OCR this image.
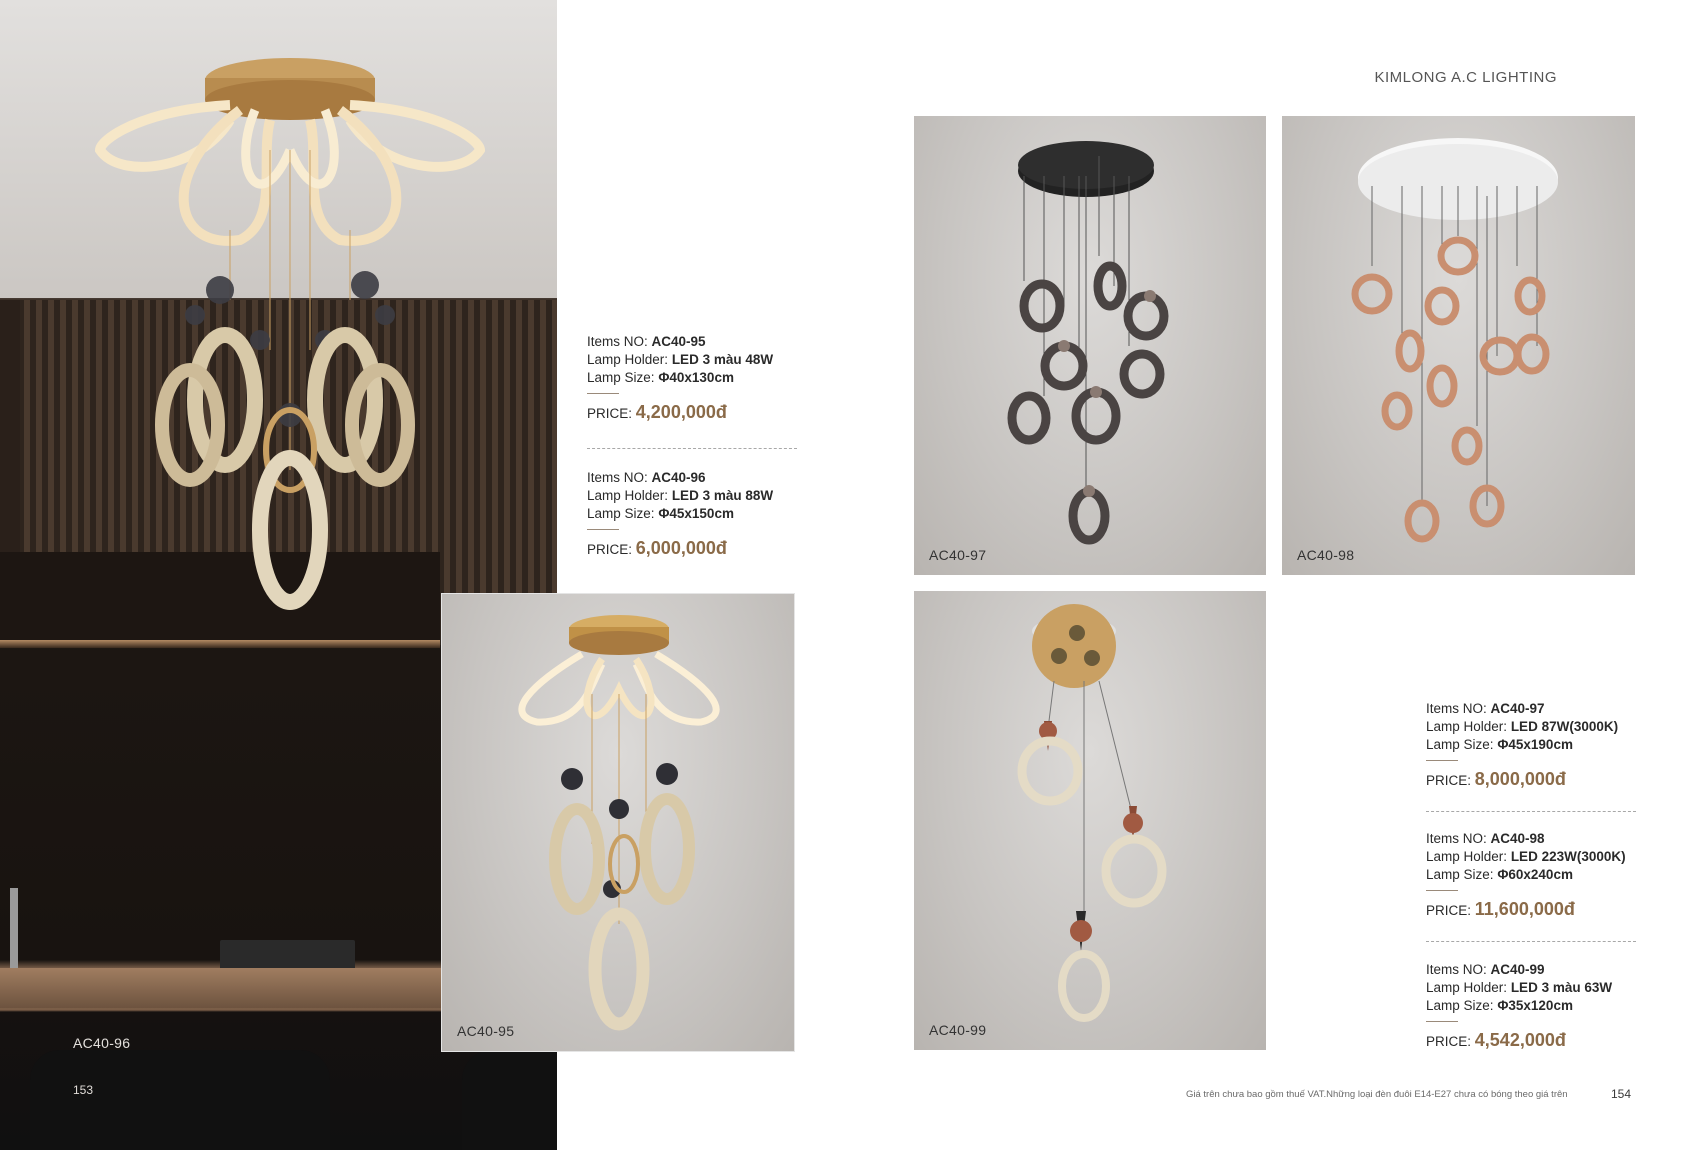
AC40-96
153
AC40-95
Items NO: AC40-95
Lamp Holder: LED 3 màu 48W
Lamp Size: Φ40x130cm
PRICE: 4,200,000đ
Items NO: AC40-96
Lamp Holder: LED 3 màu 88W
Lamp Size: Φ45x150cm
PRICE: 6,000,000đ
KIMLONG A.C LIGHTING
AC40-97	AC40-98
AC40-99
Items NO: AC40-97
Lamp Holder: LED 87W(3000K)
Lamp Size: Φ45x190cm
PRICE: 8,000,000đ
Items NO: AC40-98
Lamp Holder: LED 223W(3000K)
Lamp Size: Φ60x240cm
PRICE: 11,600,000đ
Items NO: AC40-99
Lamp Holder: LED 3 màu 63W
Lamp Size: Φ35x120cm
PRICE: 4,542,000đ
Giá trên chưa bao gồm thuế VAT.Những loại đèn đuôi E14-E27 chưa có bóng theo giá trên	154
